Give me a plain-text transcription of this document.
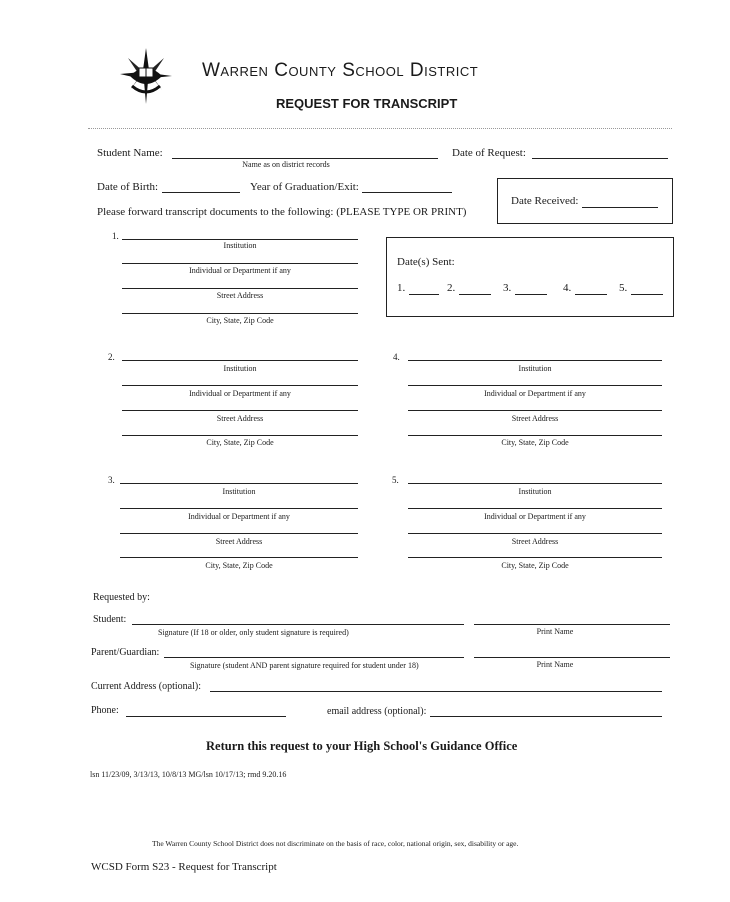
Warren County School District
REQUEST FOR TRANSCRIPT
Student Name:
Name as on district records
Date of Request:
Date of Birth:	Year of Graduation/Exit:
Please forward transcript documents to the following: (PLEASE TYPE OR PRINT)
Date Received:
Date(s) Sent:
1.	2.	3.	4.	5.
1.
Institution
Individual or Department if any
Street Address
City, State, Zip Code
2.
Institution
Individual or Department if any
Street Address
City, State, Zip Code
4.
Institution
Individual or Department if any
Street Address
City, State, Zip Code
3.
Institution
Individual or Department if any
Street Address
City, State, Zip Code
5.
Institution
Individual or Department if any
Street Address
City, State, Zip Code
Requested by:
Student:
Signature (If 18 or older, only student signature is required)	Print Name
Parent/Guardian:
Signature (student AND parent signature required for student under 18)	Print Name
Current Address (optional):
Phone:	email address (optional):
Return this request to your High School's Guidance Office
lsn 11/23/09, 3/13/13, 10/8/13 MG/lsn 10/17/13; rmd 9.20.16
The Warren County School District does not discriminate on the basis of race, color, national origin, sex, disability or age.
WCSD Form S23 - Request for Transcript
